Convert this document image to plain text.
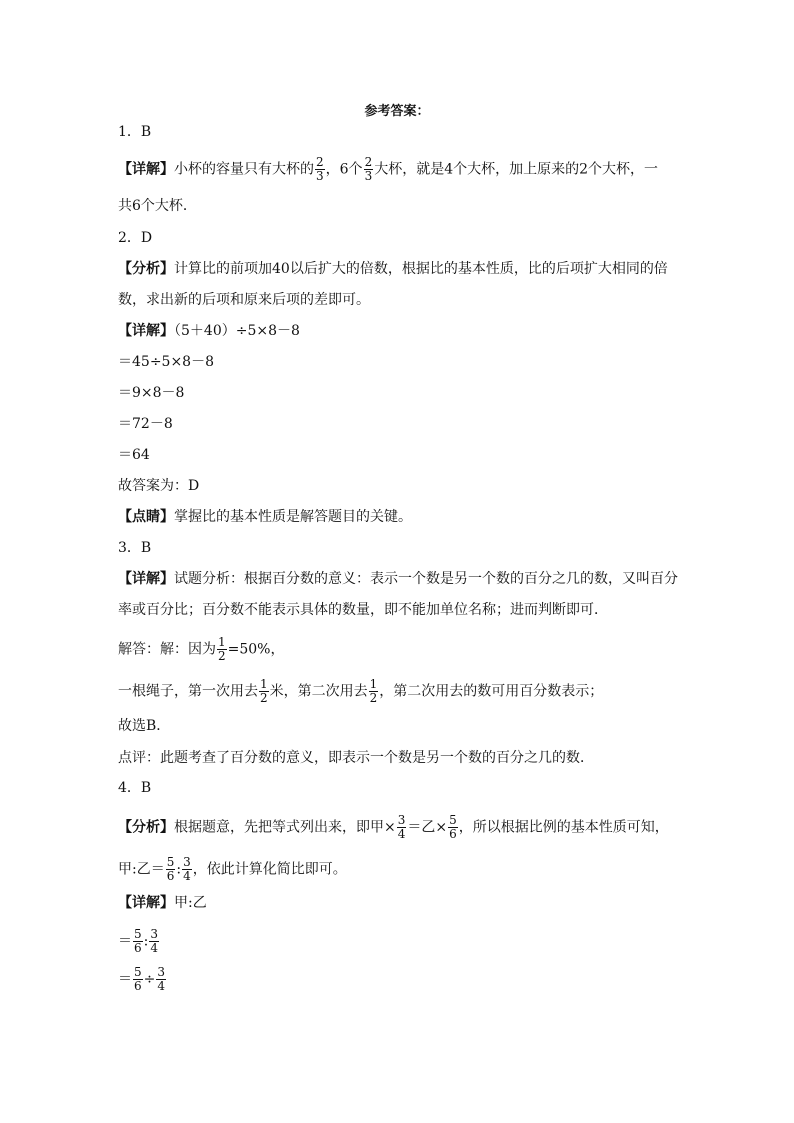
参考答案：
1．B
【详解】小杯的容量只有大杯的 $\frac{2}{3}$ ，6个 $\frac{2}{3}$ 大杯，就是4个大杯，加上原来的2个大杯，一
共6个大杯．
2．D
【分析】计算比的前项加40以后扩大的倍数，根据比的基本性质，比的后项扩大相同的倍
数，求出新的后项和原来后项的差即可。
【详解】（5＋40）÷5×8－8
＝45÷5×8－8
＝9×8－8
＝72－8
＝64
故答案为：D
【点睛】掌握比的基本性质是解答题目的关键。
3．B
【详解】试题分析：根据百分数的意义：表示一个数是另一个数的百分之几的数，又叫百分
率或百分比；百分数不能表示具体的数量，即不能加单位名称；进而判断即可．
解答：解：因为 $\frac{1}{2} =50\%$，
一根绳子，第一次用去 $\frac{1}{2}$ 米，第二次用去 $\frac{1}{2}$ ，第二次用去的数可用百分数表示；
故选B．
点评：此题考查了百分数的意义，即表示一个数是另一个数的百分之几的数．
4．B
【分析】根据题意，先把等式列出来，即甲× $\frac{3}{4}$ ＝乙× $\frac{5}{6}$ ，所以根据比例的基本性质可知，
甲:乙＝ $\frac{5}{6}$ : $\frac{3}{4}$ ，依此计算化简比即可。
【详解】甲:乙
＝ $\frac{5}{6}$ : $\frac{3}{4}$
＝ $\frac{5}{6} \div \frac{3}{4}$
